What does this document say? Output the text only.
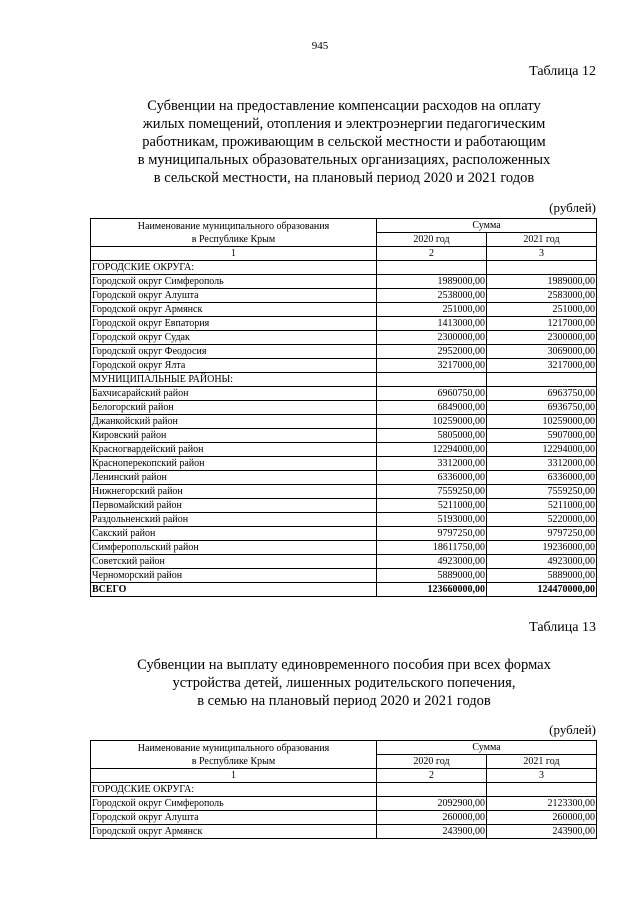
945
Таблица 12
Субвенции на предоставление компенсации расходов на оплату
жилых помещений, отопления и электроэнергии педагогическим
работникам, проживающим в сельской местности и работающим
в муниципальных образовательных организациях, расположенных
в сельской местности, на плановый период 2020 и 2021 годов
(рублей)
Наименование муниципального образования
в Республике Крым	Сумма	
	2020 год	2021 год
1	2	3
ГОРОДСКИЕ ОКРУГА:		
Городской округ Симферополь	1989000,00	1989000,00
Городской округ Алушта	2538000,00	2583000,00
Городской округ Армянск	251000,00	251000,00
Городской округ Евпатория	1413000,00	1217000,00
Городской округ Судак	2300000,00	2300000,00
Городской округ Феодосия	2952000,00	3069000,00
Городской округ Ялта	3217000,00	3217000,00
МУНИЦИПАЛЬНЫЕ РАЙОНЫ:		
Бахчисарайский район	6960750,00	6963750,00
Белогорский район	6849000,00	6936750,00
Джанкойский район	10259000,00	10259000,00
Кировский район	5805000,00	5907000,00
Красногвардейский район	12294000,00	12294000,00
Красноперекопский район	3312000,00	3312000,00
Ленинский район	6336000,00	6336000,00
Нижнегорский район	7559250,00	7559250,00
Первомайский район	5211000,00	5211000,00
Раздольненский район	5193000,00	5220000,00
Сакский район	9797250,00	9797250,00
Симферопольский район	18611750,00	19236000,00
Советский район	4923000,00	4923000,00
Черноморский район	5889000,00	5889000,00
ВСЕГО	123660000,00	124470000,00
Таблица 13
Субвенции на выплату единовременного пособия при всех формах
устройства детей, лишенных родительского попечения,
в семью на плановый период 2020 и 2021 годов
(рублей)
Наименование муниципального образования
в Республике Крым	Сумма	
	2020 год	2021 год
1	2	3
ГОРОДСКИЕ ОКРУГА:		
Городской округ Симферополь	2092900,00	2123300,00
Городской округ Алушта	260000,00	260000,00
Городской округ Армянск	243900,00	243900,00
